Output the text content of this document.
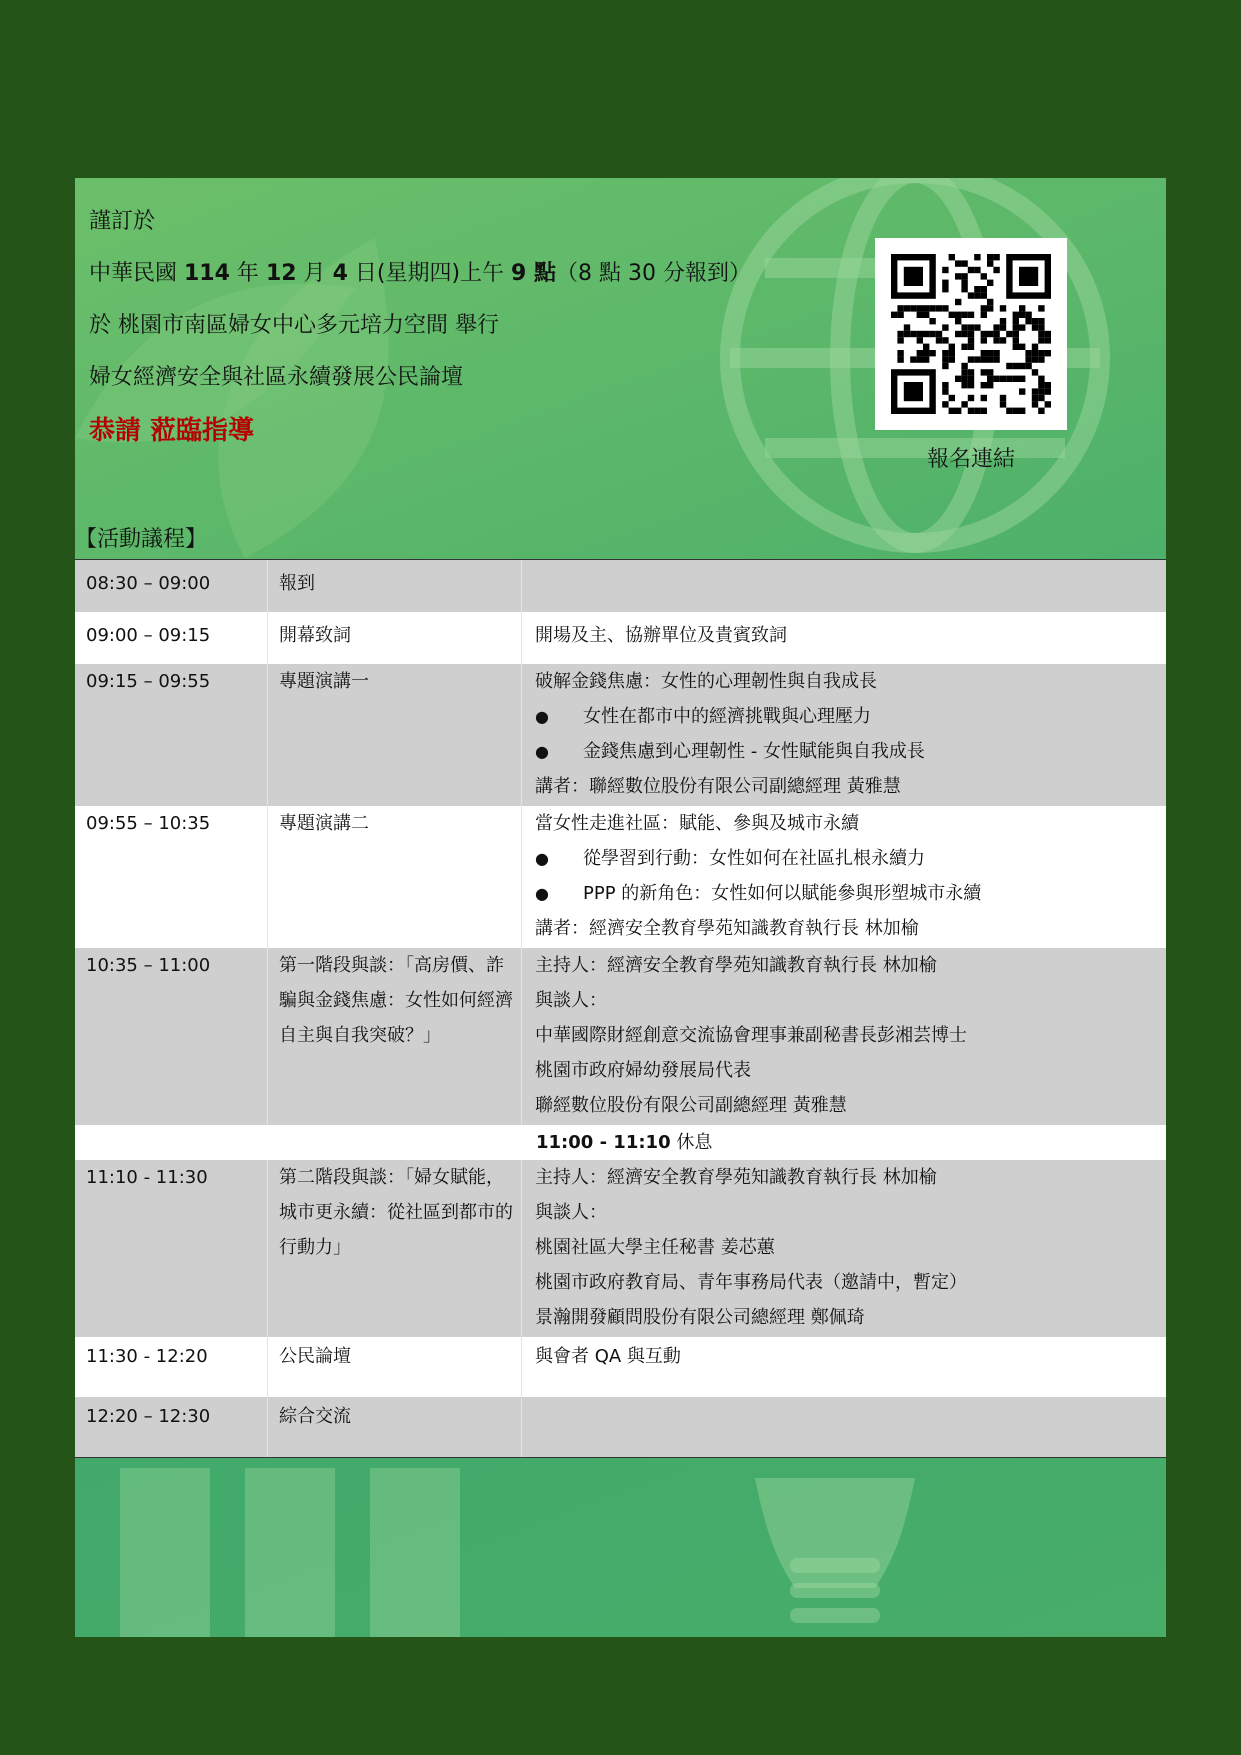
謹訂於
中華民國 114 年 12 月 4 日(星期四)上午 9 點（8 點 30 分報到）
於 桃園市南區婦女中心多元培力空間 舉行
婦女經濟安全與社區永續發展公民論壇
恭請 蒞臨指導
報名連結
【活動議程】
08:30 – 09:00	報到
09:00 – 09:15	開幕致詞	開場及主、協辦單位及貴賓致詞
09:15 – 09:55	專題演講一	破解金錢焦慮：女性的心理韌性與自我成長
●	女性在都市中的經濟挑戰與心理壓力
●	金錢焦慮到心理韌性 - 女性賦能與自我成長
講者：聯經數位股份有限公司副總經理 黃雅慧
09:55 – 10:35	專題演講二	當女性走進社區：賦能、參與及城市永續
●	從學習到行動：女性如何在社區扎根永續力
●	PPP 的新角色：女性如何以賦能參與形塑城市永續
講者：經濟安全教育學苑知識教育執行長 林加榆
10:35 – 11:00	第一階段與談：「高房價、詐騙與金錢焦慮：女性如何經濟自主與自我突破？」
主持人：經濟安全教育學苑知識教育執行長 林加榆
與談人：
中華國際財經創意交流協會理事兼副秘書長彭湘芸博士
桃園市政府婦幼發展局代表
聯經數位股份有限公司副總經理 黃雅慧
11:00 - 11:10 休息
11:10 - 11:30	第二階段與談：「婦女賦能，城市更永續：從社區到都市的行動力」
主持人：經濟安全教育學苑知識教育執行長 林加榆
與談人：
桃園社區大學主任秘書 姜芯蕙
桃園市政府教育局、青年事務局代表（邀請中，暫定）
景瀚開發顧問股份有限公司總經理 鄭佩琦
11:30 - 12:20	公民論壇	與會者 QA 與互動
12:20 – 12:30	綜合交流
